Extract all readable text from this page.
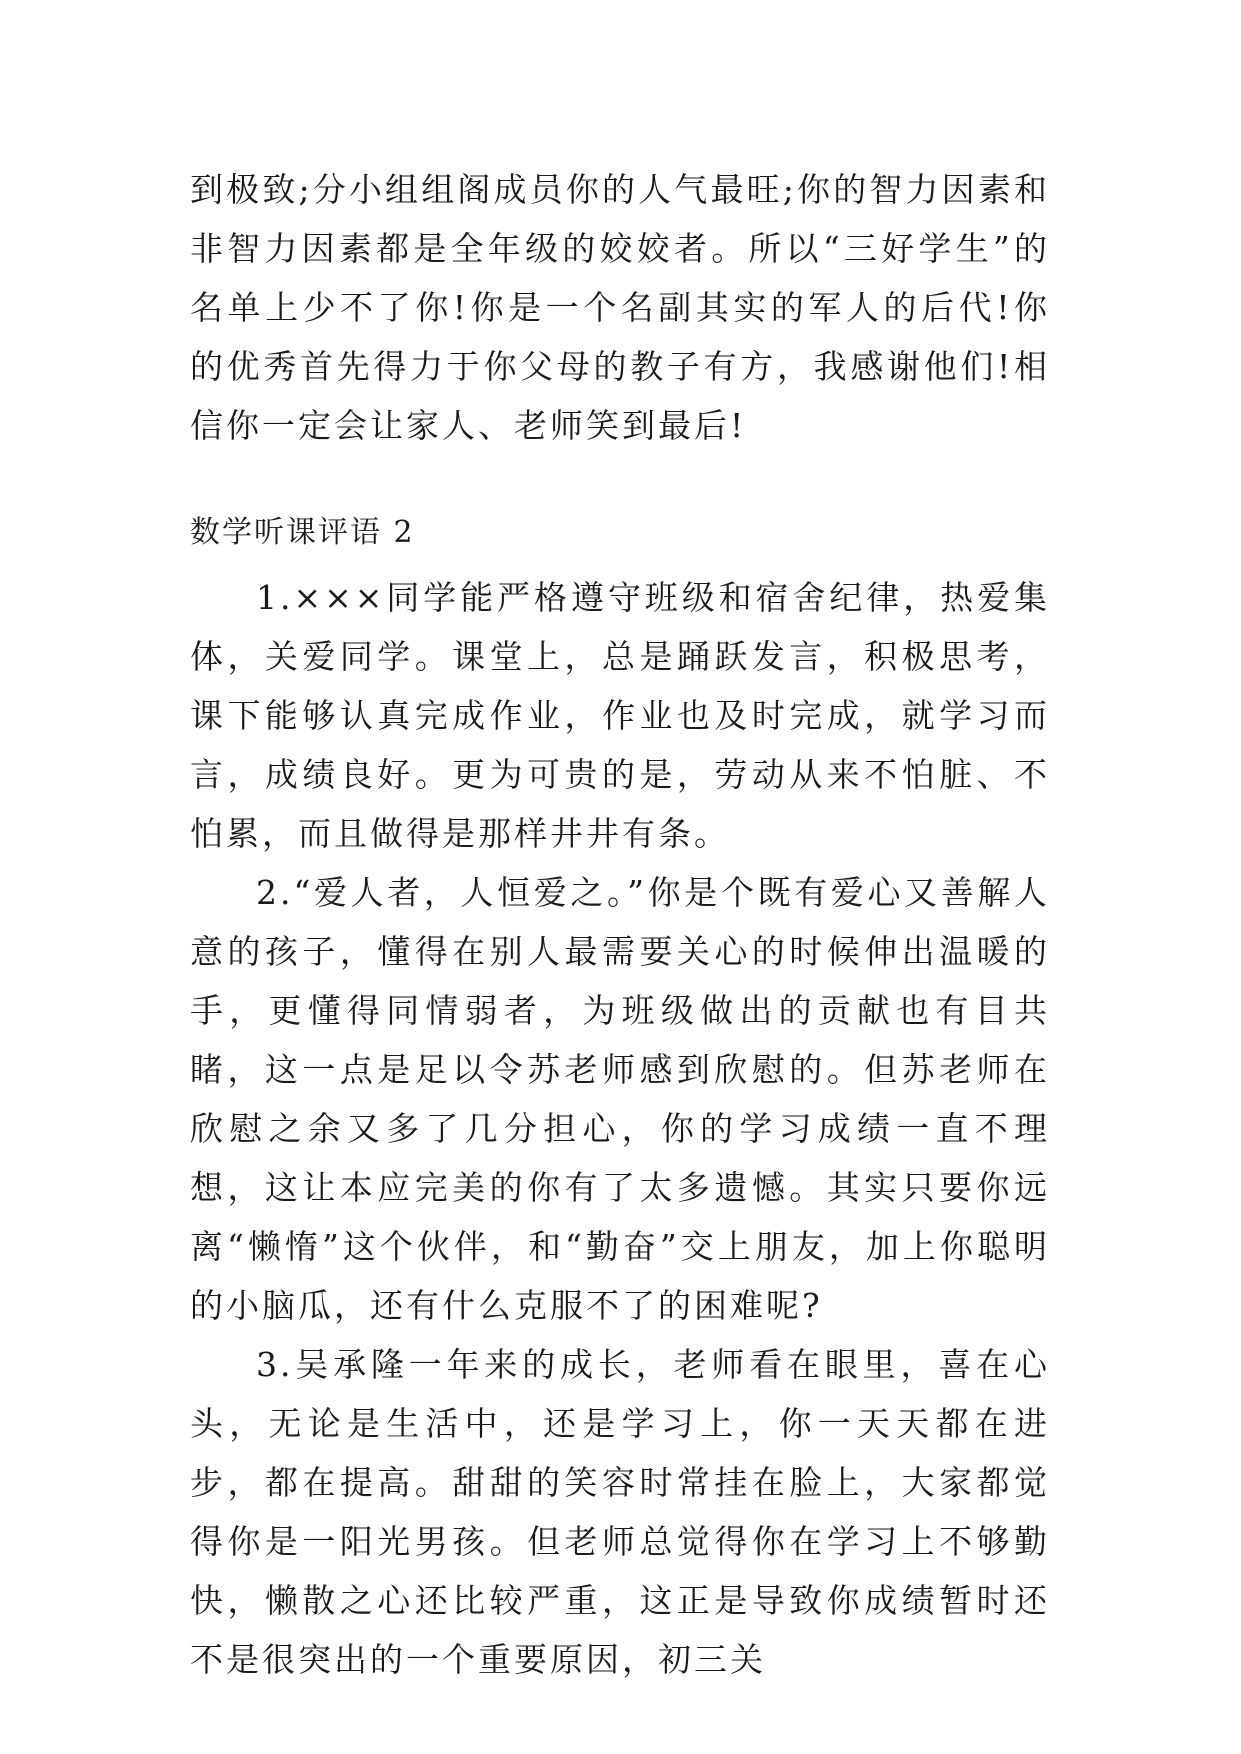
到极致;分小组组阁成员你的人气最旺;你的智力因素和非智力因素都是全年级的姣姣者。所以“三好学生”的名单上少不了你!你是一个名副其实的军人的后代!你的优秀首先得力于你父母的教子有方，我感谢他们!相信你一定会让家人、老师笑到最后!

数学听课评语 2

1.×××同学能严格遵守班级和宿舍纪律，热爱集体，关爱同学。课堂上，总是踊跃发言，积极思考，课下能够认真完成作业，作业也及时完成，就学习而言，成绩良好。更为可贵的是，劳动从来不怕脏、不怕累，而且做得是那样井井有条。

2.“爱人者，人恒爱之。”你是个既有爱心又善解人意的孩子，懂得在别人最需要关心的时候伸出温暖的手，更懂得同情弱者，为班级做出的贡献也有目共睹，这一点是足以令苏老师感到欣慰的。但苏老师在欣慰之余又多了几分担心，你的学习成绩一直不理想，这让本应完美的你有了太多遗憾。其实只要你远离“懒惰”这个伙伴，和“勤奋”交上朋友，加上你聪明的小脑瓜，还有什么克服不了的困难呢?

3.吴承隆一年来的成长，老师看在眼里，喜在心头，无论是生活中，还是学习上，你一天天都在进步，都在提高。甜甜的笑容时常挂在脸上，大家都觉得你是一阳光男孩。但老师总觉得你在学习上不够勤快，懒散之心还比较严重，这正是导致你成绩暂时还不是很突出的一个重要原因，初三关
